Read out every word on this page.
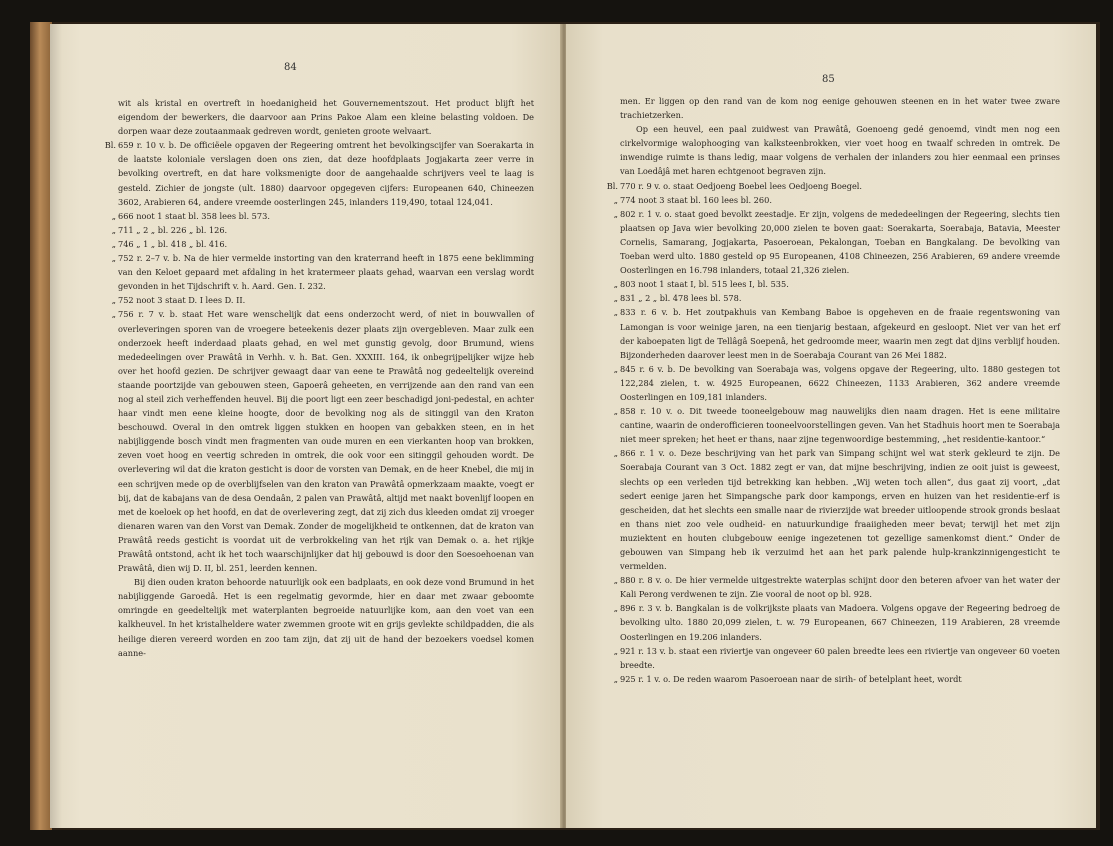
84

wit als kristal en overtreft in hoedanigheid het Gouvernementszout. Het product blijft het eigendom der bewerkers, die daarvoor aan Prins Pakoe Alam een kleine belasting voldoen. De dorpen waar deze zoutaanmaak gedreven wordt, genieten groote welvaart.

Bl. 659 r. 10 v. b. De officiëele opgaven der Regeering omtrent het bevolkingscijfer van Soerakarta in de laatste koloniale verslagen doen ons zien, dat deze hoofdplaats Jogjakarta zeer verre in bevolking overtreft, en dat hare volksmenigte door de aangehaalde schrijvers veel te laag is gesteld. Zichier de jongste (ult. 1880) daarvoor opgegeven cijfers: Europeanen 640, Chineezen 3602, Arabieren 64, andere vreemde oosterlingen 245, inlanders 119,490, totaal 124,041.

„ 666 noot 1 staat bl. 358 lees bl. 573.

„ 711 „ 2 „ bl. 226 „ bl. 126.

„ 746 „ 1 „ bl. 418 „ bl. 416.

„ 752 r. 2–7 v. b. Na de hier vermelde instorting van den kraterrand heeft in 1875 eene beklimming van den Keloet gepaard met afdaling in het kratermeer plaats gehad, waarvan een verslag wordt gevonden in het Tijdschrift v. h. Aard. Gen. I. 232.

„ 752 noot 3 staat D. I lees D. II.

„ 756 r. 7 v. b. staat Het ware wenschelijk dat eens onderzocht werd, of niet in bouwvallen of overleveringen sporen van de vroegere beteekenis dezer plaats zijn overgebleven. Maar zulk een onderzoek heeft inderdaad plaats gehad, en wel met gunstig gevolg, door Brumund, wiens mededeelingen over Prawâtâ in Verhh. v. h. Bat. Gen. XXXIII. 164, ik onbegrijpelijker wijze heb over het hoofd gezien. De schrijver gewaagt daar van eene te Prawâtâ nog gedeeltelijk overeind staande poortzijde van gebouwen steen, Gapoerâ geheeten, en verrijzende aan den rand van een nog al steil zich verheffenden heuvel. Bij die poort ligt een zeer beschadigd joni-pedestal, en achter haar vindt men eene kleine hoogte, door de bevolking nog als de sitinggil van den Kraton beschouwd. Overal in den omtrek liggen stukken en hoopen van gebakken steen, en in het nabijliggende bosch vindt men fragmenten van oude muren en een vierkanten hoop van brokken, zeven voet hoog en veertig schreden in omtrek, die ook voor een sitinggil gehouden wordt. De overlevering wil dat die kraton gesticht is door de vorsten van Demak, en de heer Knebel, die mij in een schrijven mede op de overblijfselen van den kraton van Prawâtâ opmerkzaam maakte, voegt er bij, dat de kabajans van de desa Oendaân, 2 palen van Prawâtâ, altijd met naakt bovenlijf loopen en met de koeloek op het hoofd, en dat de overlevering zegt, dat zij zich dus kleeden omdat zij vroeger dienaren waren van den Vorst van Demak. Zonder de mogelijkheid te ontkennen, dat de kraton van Prawâtâ reeds gesticht is voordat uit de verbrokkeling van het rijk van Demak o. a. het rijkje Prawâtâ ontstond, acht ik het toch waarschijnlijker dat hij gebouwd is door den Soesoehoenan van Prawâtâ, dien wij D. II, bl. 251, leerden kennen.

Bij dien ouden kraton behoorde natuurlijk ook een badplaats, en ook deze vond Brumund in het nabijliggende Garoedâ. Het is een regelmatig gevormde, hier en daar met zwaar geboomte omringde en geedeltelijk met waterplanten begroeide natuurlijke kom, aan den voet van een kalkheuvel. In het kristalheldere water zwemmen groote wit en grijs gevlekte schildpadden, die als heilige dieren vereerd worden en zoo tam zijn, dat zij uit de hand der bezoekers voedsel komen aanne-

85

men. Er liggen op den rand van de kom nog eenige gehouwen steenen en in het water twee zware trachietzerken.

Op een heuvel, een paal zuidwest van Prawâtâ, Goenoeng gedé genoemd, vindt men nog een cirkelvormige walophooging van kalksteenbrokken, vier voet hoog en twaalf schreden in omtrek. De inwendige ruimte is thans ledig, maar volgens de verhalen der inlanders zou hier eenmaal een prinses van Loedâjâ met haren echtgenoot begraven zijn.

Bl. 770 r. 9 v. o. staat Oedjoeng Boebel lees Oedjoeng Boegel.

„ 774 noot 3 staat bl. 160 lees bl. 260.

„ 802 r. 1 v. o. staat goed bevolkt zeestadje. Er zijn, volgens de mededeelingen der Regeering, slechts tien plaatsen op Java wier bevolking 20,000 zielen te boven gaat: Soerakarta, Soerabaja, Batavia, Meester Cornelis, Samarang, Jogjakarta, Pasoeroean, Pekalongan, Toeban en Bangkalang. De bevolking van Toeban werd ulto. 1880 gesteld op 95 Europeanen, 4108 Chineezen, 256 Arabieren, 69 andere vreemde Oosterlingen en 16.798 inlanders, totaal 21,326 zielen.

„ 803 noot 1 staat I, bl. 515 lees I, bl. 535.

„ 831 „ 2 „ bl. 478 lees bl. 578.

„ 833 r. 6 v. b. Het zoutpakhuis van Kembang Baboe is opgeheven en de fraaie regentswoning van Lamongan is voor weinige jaren, na een tienjarig bestaan, afgekeurd en gesloopt. Niet ver van het erf der kaboepaten ligt de Tellâgâ Soepenâ, het gedroomde meer, waarin men zegt dat djins verblijf houden. Bijzonderheden daarover leest men in de Soerabaja Courant van 26 Mei 1882.

„ 845 r. 6 v. b. De bevolking van Soerabaja was, volgens opgave der Regeering, ulto. 1880 gestegen tot 122,284 zielen, t. w. 4925 Europeanen, 6622 Chineezen, 1133 Arabieren, 362 andere vreemde Oosterlingen en 109,181 inlanders.

„ 858 r. 10 v. o. Dit tweede tooneelgebouw mag nauwelijks dien naam dragen. Het is eene militaire cantine, waarin de onderofficieren tooneelvoorstellingen geven. Van het Stadhuis hoort men te Soerabaja niet meer spreken; het heet er thans, naar zijne tegenwoordige bestemming, „het residentie-kantoor.“

„ 866 r. 1 v. o. Deze beschrijving van het park van Simpang schijnt wel wat sterk gekleurd te zijn. De Soerabaja Courant van 3 Oct. 1882 zegt er van, dat mijne beschrijving, indien ze ooit juist is geweest, slechts op een verleden tijd betrekking kan hebben. „Wij weten toch allen“, dus gaat zij voort, „dat sedert eenige jaren het Simpangsche park door kampongs, erven en huizen van het residentie-erf is gescheiden, dat het slechts een smalle naar de rivierzijde wat breeder uitloopende strook gronds beslaat en thans niet zoo vele oudheid- en natuurkundige fraaiigheden meer bevat; terwijl het met zijn muziektent en houten clubgebouw eenige ingezetenen tot gezellige samenkomst dient.“ Onder de gebouwen van Simpang heb ik verzuimd het aan het park palende hulp-krankzinnigengesticht te vermelden.

„ 880 r. 8 v. o. De hier vermelde uitgestrekte waterplas schijnt door den beteren afvoer van het water der Kali Perong verdwenen te zijn. Zie vooral de noot op bl. 928.

„ 896 r. 3 v. b. Bangkalan is de volkrijkste plaats van Madoera. Volgens opgave der Regeering bedroeg de bevolking ulto. 1880 20,099 zielen, t. w. 79 Europeanen, 667 Chineezen, 119 Arabieren, 28 vreemde Oosterlingen en 19.206 inlanders.

„ 921 r. 13 v. b. staat een riviertje van ongeveer 60 palen breedte lees een riviertje van ongeveer 60 voeten breedte.

„ 925 r. 1 v. o. De reden waarom Pasoeroean naar de sirih- of betelplant heet, wordt
